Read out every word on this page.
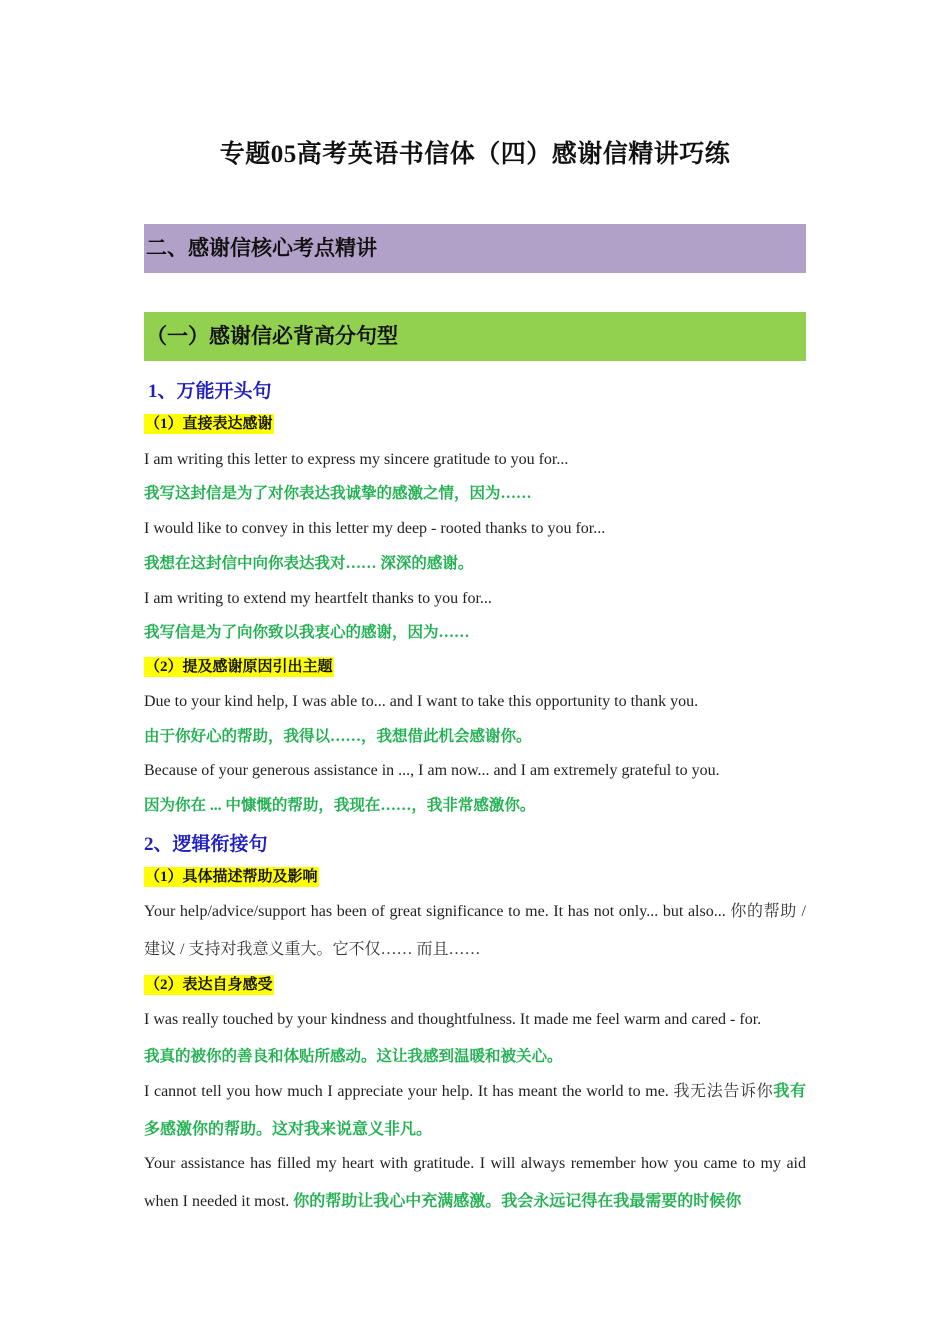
专题05高考英语书信体（四）感谢信精讲巧练
二、感谢信核心考点精讲
（一）感谢信必背高分句型
1、万能开头句
（1）直接表达感谢
I am writing this letter to express my sincere gratitude to you for...
我写这封信是为了对你表达我诚挚的感激之情，因为……
I would like to convey in this letter my deep - rooted thanks to you for...
我想在这封信中向你表达我对…… 深深的感谢。
I am writing to extend my heartfelt thanks to you for...
我写信是为了向你致以我衷心的感谢，因为……
（2）提及感谢原因引出主题
Due to your kind help, I was able to... and I want to take this opportunity to thank you.
由于你好心的帮助，我得以……，我想借此机会感谢你。
Because of your generous assistance in ..., I am now... and I am extremely grateful to you.
因为你在 ... 中慷慨的帮助，我现在……，我非常感激你。
2、逻辑衔接句
（1）具体描述帮助及影响
Your help/advice/support has been of great significance to me. It has not only... but also... 你的帮助 / 建议 / 支持对我意义重大。它不仅…… 而且……
（2）表达自身感受
I was really touched by your kindness and thoughtfulness. It made me feel warm and cared - for.
我真的被你的善良和体贴所感动。这让我感到温暖和被关心。
I cannot tell you how much I appreciate your help. It has meant the world to me. 我无法告诉你我有多感激你的帮助。这对我来说意义非凡。
Your assistance has filled my heart with gratitude. I will always remember how you came to my aid when I needed it most. 你的帮助让我心中充满感激。我会永远记得在我最需要的时候你
